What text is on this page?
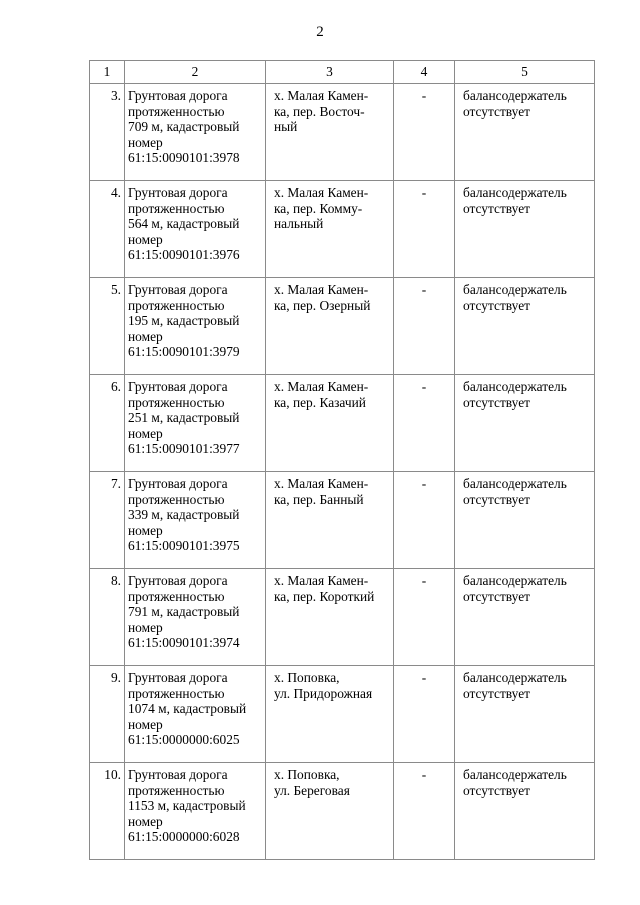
2
1	2	3	4	5
3.	Грунтовая дорога
протяженностью
709 м, кадастровый
номер
61:15:0090101:3978	х. Малая Камен-
ка, пер. Восточ-
ный	-	балансодержатель
отсутствует

4.	Грунтовая дорога
протяженностью
564 м, кадастровый
номер
61:15:0090101:3976	х. Малая Камен-
ка, пер. Комму-
нальный	-	балансодержатель
отсутствует

5.	Грунтовая дорога
протяженностью
195 м, кадастровый
номер
61:15:0090101:3979	х. Малая Камен-
ка, пер. Озерный	-	балансодержатель
отсутствует

6.	Грунтовая дорога
протяженностью
251 м, кадастровый
номер
61:15:0090101:3977	х. Малая Камен-
ка, пер. Казачий	-	балансодержатель
отсутствует

7.	Грунтовая дорога
протяженностью
339 м, кадастровый
номер
61:15:0090101:3975	х. Малая Камен-
ка, пер. Банный	-	балансодержатель
отсутствует

8.	Грунтовая дорога
протяженностью
791 м, кадастровый
номер
61:15:0090101:3974	х. Малая Камен-
ка, пер. Короткий	-	балансодержатель
отсутствует

9.	Грунтовая дорога
протяженностью
1074 м, кадастровый
номер
61:15:0000000:6025	х. Поповка,
ул. Придорожная	-	балансодержатель
отсутствует

10.	Грунтовая дорога
протяженностью
1153 м, кадастровый
номер
61:15:0000000:6028	х. Поповка,
ул. Береговая	-	балансодержатель
отсутствует
